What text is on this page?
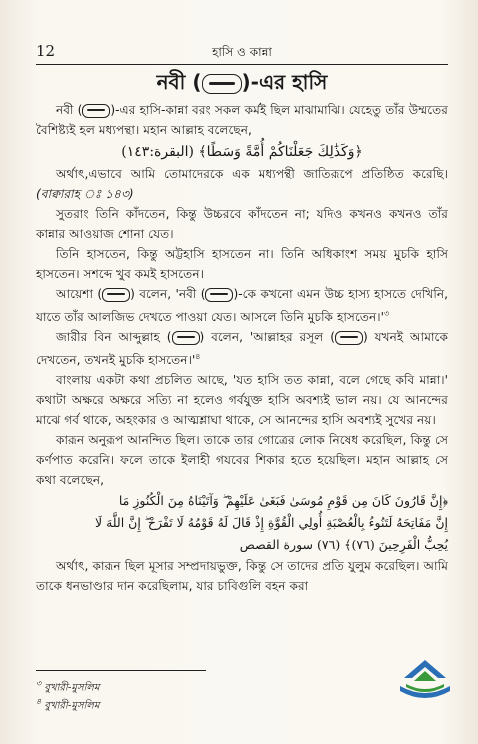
12	হাসি ও কান্না
নবী ( )-এর হাসি

নবী ( )-এর হাসি-কান্না বরং সকল কর্মই ছিল মাঝামাঝি। যেহেতু তাঁর উম্মতের বৈশিষ্ট্যই হল মধ্যপন্থা। মহান আল্লাহ বলেছেন,

﴿وَكَذَٰلِكَ جَعَلْنَاكُمْ أُمَّةً وَسَطًا﴾ (البقرة:١٤٣)

অর্থাৎ,এভাবে আমি তোমাদেরকে এক মধ্যপন্থী জাতিরূপে প্রতিষ্ঠিত করেছি। (বাক্বারাহ ঃ ১৪৩)

সুতরাং তিনি কাঁদতেন, কিন্তু উচ্চরবে কাঁদতেন না; যদিও কখনও কখনও তাঁর কান্নার আওয়াজ শোনা যেত।

তিনি হাসতেন, কিন্তু অট্টহাসি হাসতেন না। তিনি অধিকাংশ সময় মুচকি হাসি হাসতেন। সশব্দে খুব কমই হাসতেন।

আয়েশা ( ) বলেন, 'নবী ( )-কে কখনো এমন উচ্চ হাস্য হাসতে দেখিনি, যাতে তাঁর আলজিভ দেখতে পাওয়া যেত। আসলে তিনি মুচকি $হাসতেন।'^৩$

জারীর বিন আব্দুল্লাহ ( ) বলেন, 'আল্লাহর রসূল ( ) যখনই আমাকে দেখতেন, তখনই মুচকি $হাসতেন।'^৪$

বাংলায় একটা কথা প্রচলিত আছে, 'যত হাসি তত কান্না, বলে গেছে কবি মান্না।' কথাটা অক্ষরে অক্ষরে সত্যি না হলেও গর্বযুক্ত হাসি অবশ্যই ভাল নয়। যে আনন্দের মাঝে গর্ব থাকে, অহংকার ও আত্মশ্লাঘা থাকে, সে আনন্দের হাসি অবশ্যই সুখের নয়।

কারূন অনুরূপ আনন্দিত ছিল। তাকে তার গোত্রের লোক নিষেধ করেছিল, কিন্তু সে কর্ণপাত করেনি। ফলে তাকে ইলাহী গযবের শিকার হতে হয়েছিল। মহান আল্লাহ সে কথা বলেছেন,

﴿إِنَّ قَارُونَ كَانَ مِن قَوْمِ مُوسَىٰ فَبَغَىٰ عَلَيْهِمْ ۖ وَآتَيْنَاهُ مِنَ الْكُنُوزِ مَا
إِنَّ مَفَاتِحَهُ لَتَنُوءُ بِالْعُصْبَةِ أُولِي الْقُوَّةِ إِذْ قَالَ لَهُ قَوْمُهُ لَا تَفْرَحْ ۖ إِنَّ اللَّهَ لَا
يُحِبُّ الْفَرِحِينَ (٧٦)﴾ (٧٦) سورة القصص

অর্থাৎ, কারূন ছিল মূসার সম্প্রদায়ভুক্ত, কিন্তু সে তাদের প্রতি যুলুম করেছিল। আমি তাকে ধনভাণ্ডার দান করেছিলাম, যার চাবিগুলি বহন করা

$^৩$ বুখারী-মুসলিম
$^৪$ বুখারী-মুসলিম
